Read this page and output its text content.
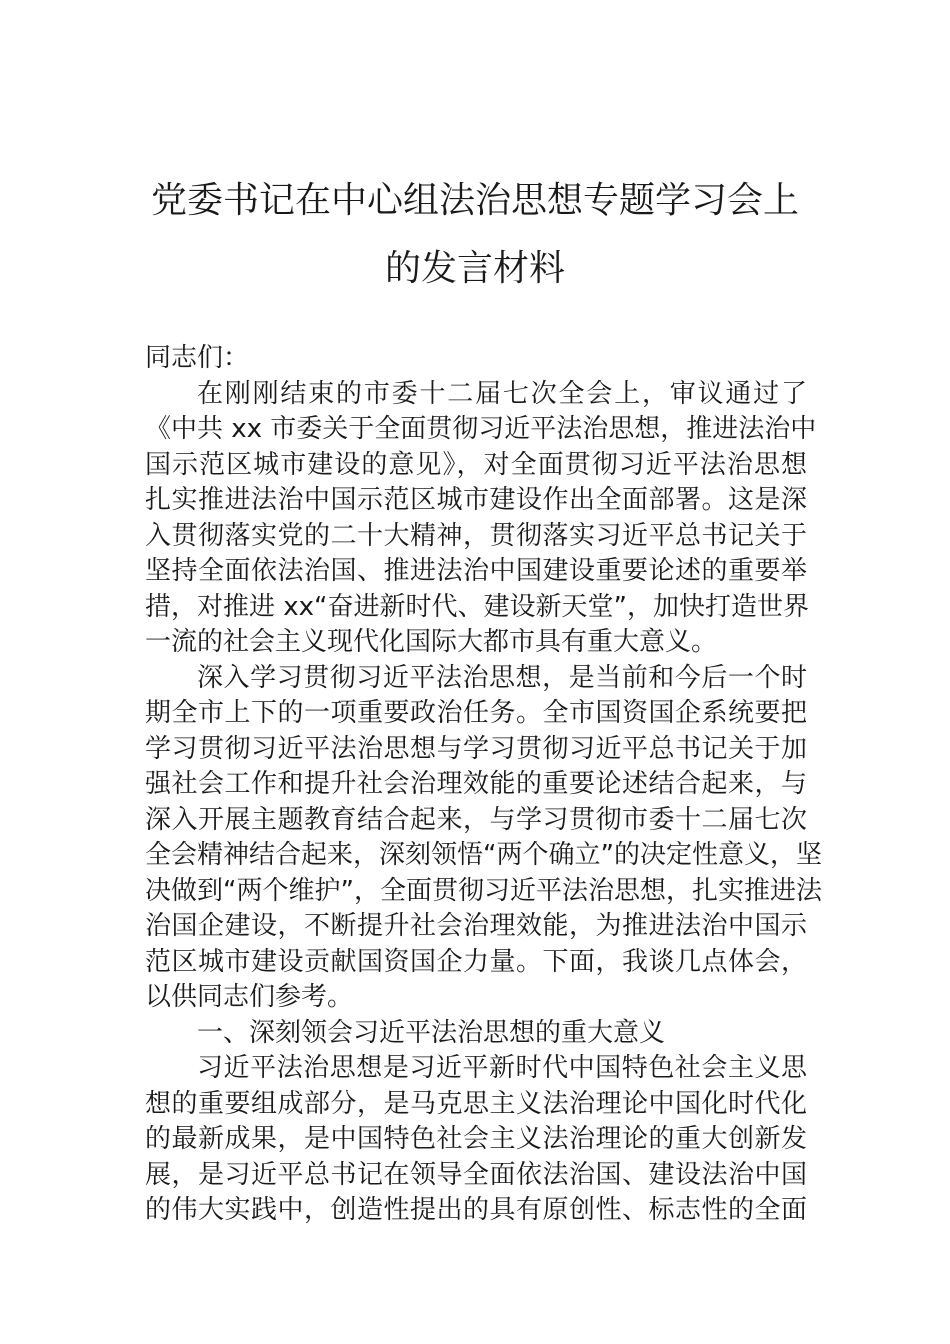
党委书记在中心组法治思想专题学习会上
的发言材料
同志们：
在刚刚结束的市委十二届七次全会上，审议通过了
《中共 xx 市委关于全面贯彻习近平法治思想，推进法治中
国示范区城市建设的意见》，对全面贯彻习近平法治思想
扎实推进法治中国示范区城市建设作出全面部署。这是深
入贯彻落实党的二十大精神，贯彻落实习近平总书记关于
坚持全面依法治国、推进法治中国建设重要论述的重要举
措，对推进 xx“奋进新时代、建设新天堂”，加快打造世界
一流的社会主义现代化国际大都市具有重大意义。
深入学习贯彻习近平法治思想，是当前和今后一个时
期全市上下的一项重要政治任务。全市国资国企系统要把
学习贯彻习近平法治思想与学习贯彻习近平总书记关于加
强社会工作和提升社会治理效能的重要论述结合起来，与
深入开展主题教育结合起来，与学习贯彻市委十二届七次
全会精神结合起来，深刻领悟“两个确立”的决定性意义，坚
决做到“两个维护”，全面贯彻习近平法治思想，扎实推进法
治国企建设，不断提升社会治理效能，为推进法治中国示
范区城市建设贡献国资国企力量。下面，我谈几点体会，
以供同志们参考。
一、深刻领会习近平法治思想的重大意义
习近平法治思想是习近平新时代中国特色社会主义思
想的重要组成部分，是马克思主义法治理论中国化时代化
的最新成果，是中国特色社会主义法治理论的重大创新发
展，是习近平总书记在领导全面依法治国、建设法治中国
的伟大实践中，创造性提出的具有原创性、标志性的全面
